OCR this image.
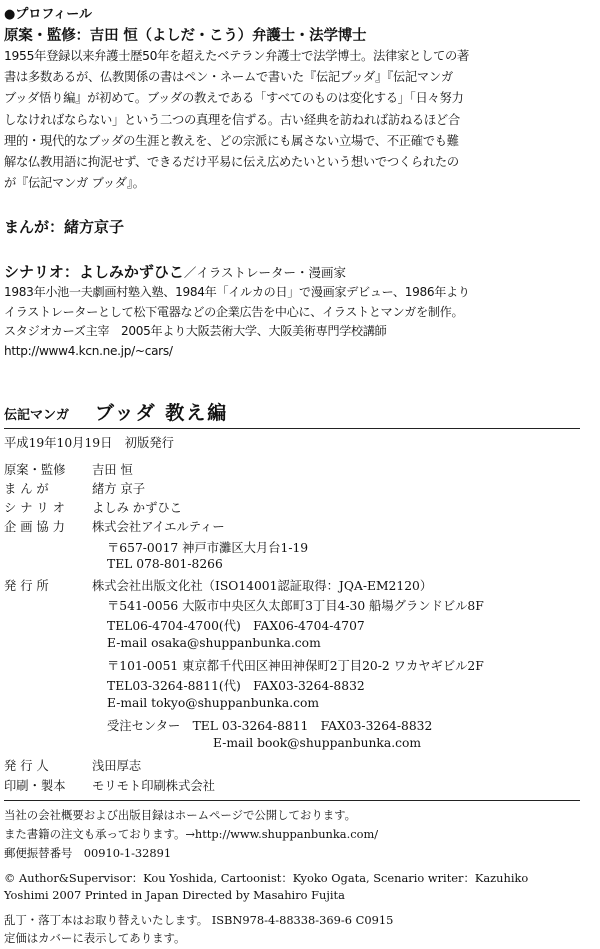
●プロフィール
原案・監修：吉田 恒（よしだ・こう）弁護士・法学博士
1955年登録以来弁護士歴50年を超えたベテラン弁護士で法学博士。法律家としての著
書は多数あるが、仏教関係の書はペン・ネームで書いた『伝記ブッダ』『伝記マンガ
ブッダ悟り編』が初めて。ブッダの教えである「すべてのものは変化する」「日々努力
しなければならない」という二つの真理を信ずる。古い経典を訪ねれば訪ねるほど合
理的・現代的なブッダの生涯と教えを、どの宗派にも属さない立場で、不正確でも難
解な仏教用語に拘泥せず、できるだけ平易に伝え広めたいという想いでつくられたの
が『伝記マンガ ブッダ』。
まんが：緒方京子
シナリオ：よしみかずひこ／イラストレーター・漫画家
1983年小池一夫劇画村塾入塾、1984年「イルカの日」で漫画家デビュー、1986年より
イラストレーターとして松下電器などの企業広告を中心に、イラストとマンガを制作。
スタジオカーズ主宰　2005年より大阪芸術大学、大阪美術専門学校講師
http://www4.kcn.ne.jp/~cars/
伝記マンガ ブッダ 教え編
平成19年10月19日　初版発行
原案・監修 吉田 恒
ま ん が	緒方 京子
シ ナ リ オ よしみ かずひこ
企 画 協 力 株式会社アイエルティー
〒657-0017 神戸市灘区大月台1-19
TEL 078-801-8266
発 行 所	株式会社出版文化社（ISO14001認証取得：JQA-EM2120）
〒541-0056 大阪市中央区久太郎町3丁目4-30 船場グランドビル8F
TEL06-4704-4700(代)　FAX06-4704-4707
E-mail osaka@shuppanbunka.com
〒101-0051 東京都千代田区神田神保町2丁目20-2 ワカヤギビル2F
TEL03-3264-8811(代)　FAX03-3264-8832
E-mail tokyo@shuppanbunka.com
受注センター　TEL 03-3264-8811　FAX03-3264-8832
E-mail book@shuppanbunka.com
発 行 人	浅田厚志
印刷・製本 モリモト印刷株式会社
当社の会社概要および出版目録はホームページで公開しております。
また書籍の注文も承っております。→http://www.shuppanbunka.com/
郵便振替番号　00910-1-32891
© Author&Supervisor：Kou Yoshida, Cartoonist：Kyoko Ogata, Scenario writer：Kazuhiko
Yoshimi 2007 Printed in Japan Directed by Masahiro Fujita
乱丁・落丁本はお取り替えいたします。 ISBN978-4-88338-369-6 C0915
定価はカバーに表示してあります。
